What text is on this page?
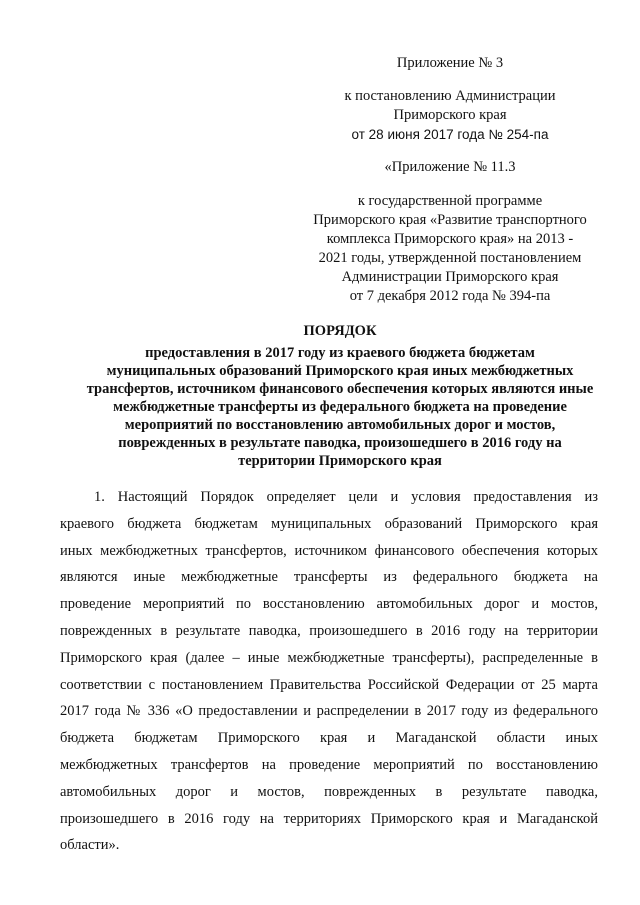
Приложение № 3
к постановлению Администрации
Приморского края
от 28 июня 2017 года № 254-па
«Приложение № 11.3
к государственной программе
Приморского края «Развитие транспортного
комплекса Приморского края» на 2013 -
2021 годы, утвержденной постановлением
Администрации Приморского края
от 7 декабря 2012 года № 394-па
ПОРЯДОК
предоставления в 2017 году из краевого бюджета бюджетам
муниципальных образований Приморского края иных межбюджетных
трансфертов, источником финансового обеспечения которых являются иные
межбюджетные трансферты из федерального бюджета на проведение
мероприятий по восстановлению автомобильных дорог и мостов,
поврежденных в результате паводка, произошедшего в 2016 году на
территории Приморского края
1. Настоящий Порядок определяет цели и условия предоставления из
краевого бюджета бюджетам муниципальных образований Приморского края
иных межбюджетных трансфертов, источником финансового обеспечения которых
являются иные межбюджетные трансферты из федерального бюджета на
проведение мероприятий по восстановлению автомобильных дорог и мостов,
поврежденных в результате паводка, произошедшего в 2016 году на территории
Приморского края (далее – иные межбюджетные трансферты), распределенные в
соответствии с постановлением Правительства Российской Федерации от 25 марта
2017 года № 336 «О предоставлении и распределении в 2017 году из федерального
бюджета бюджетам Приморского края и Магаданской области иных
межбюджетных трансфертов на проведение мероприятий по восстановлению
автомобильных дорог и мостов, поврежденных в результате паводка,
произошедшего в 2016 году на территориях Приморского края и Магаданской
области».
